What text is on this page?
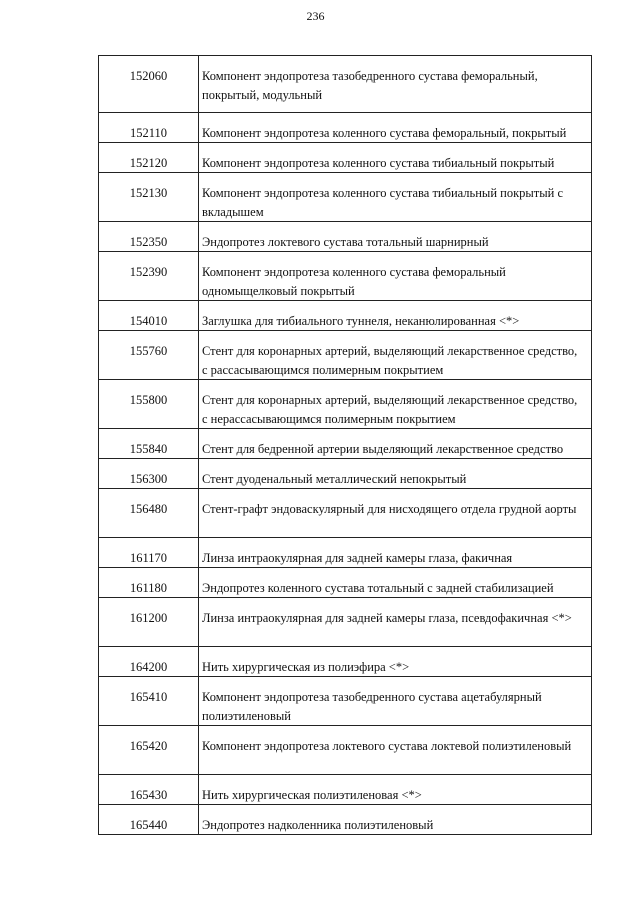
236
152060	Компонент эндопротеза тазобедренного сустава феморальный, покрытый, модульный
152110	Компонент эндопротеза коленного сустава феморальный, покрытый
152120	Компонент эндопротеза коленного сустава тибиальный покрытый
152130	Компонент эндопротеза коленного сустава тибиальный покрытый с вкладышем
152350	Эндопротез локтевого сустава тотальный шарнирный
152390	Компонент эндопротеза коленного сустава феморальный одномыщелковый покрытый
154010	Заглушка для тибиального туннеля, неканюлированная <*>
155760	Стент для коронарных артерий, выделяющий лекарственное средство, с рассасывающимся полимерным покрытием
155800	Стент для коронарных артерий, выделяющий лекарственное средство, с нерассасывающимся полимерным покрытием
155840	Стент для бедренной артерии выделяющий лекарственное средство
156300	Стент дуоденальный металлический непокрытый
156480	Стент-графт эндоваскулярный для нисходящего отдела грудной аорты
161170	Линза интраокулярная для задней камеры глаза, факичная
161180	Эндопротез коленного сустава тотальный с задней стабилизацией
161200	Линза интраокулярная для задней камеры глаза, псевдофакичная <*>
164200	Нить хирургическая из полиэфира <*>
165410	Компонент эндопротеза тазобедренного сустава ацетабулярный полиэтиленовый
165420	Компонент эндопротеза локтевого сустава локтевой полиэтиленовый
165430	Нить хирургическая полиэтиленовая <*>
165440	Эндопротез надколенника полиэтиленовый
